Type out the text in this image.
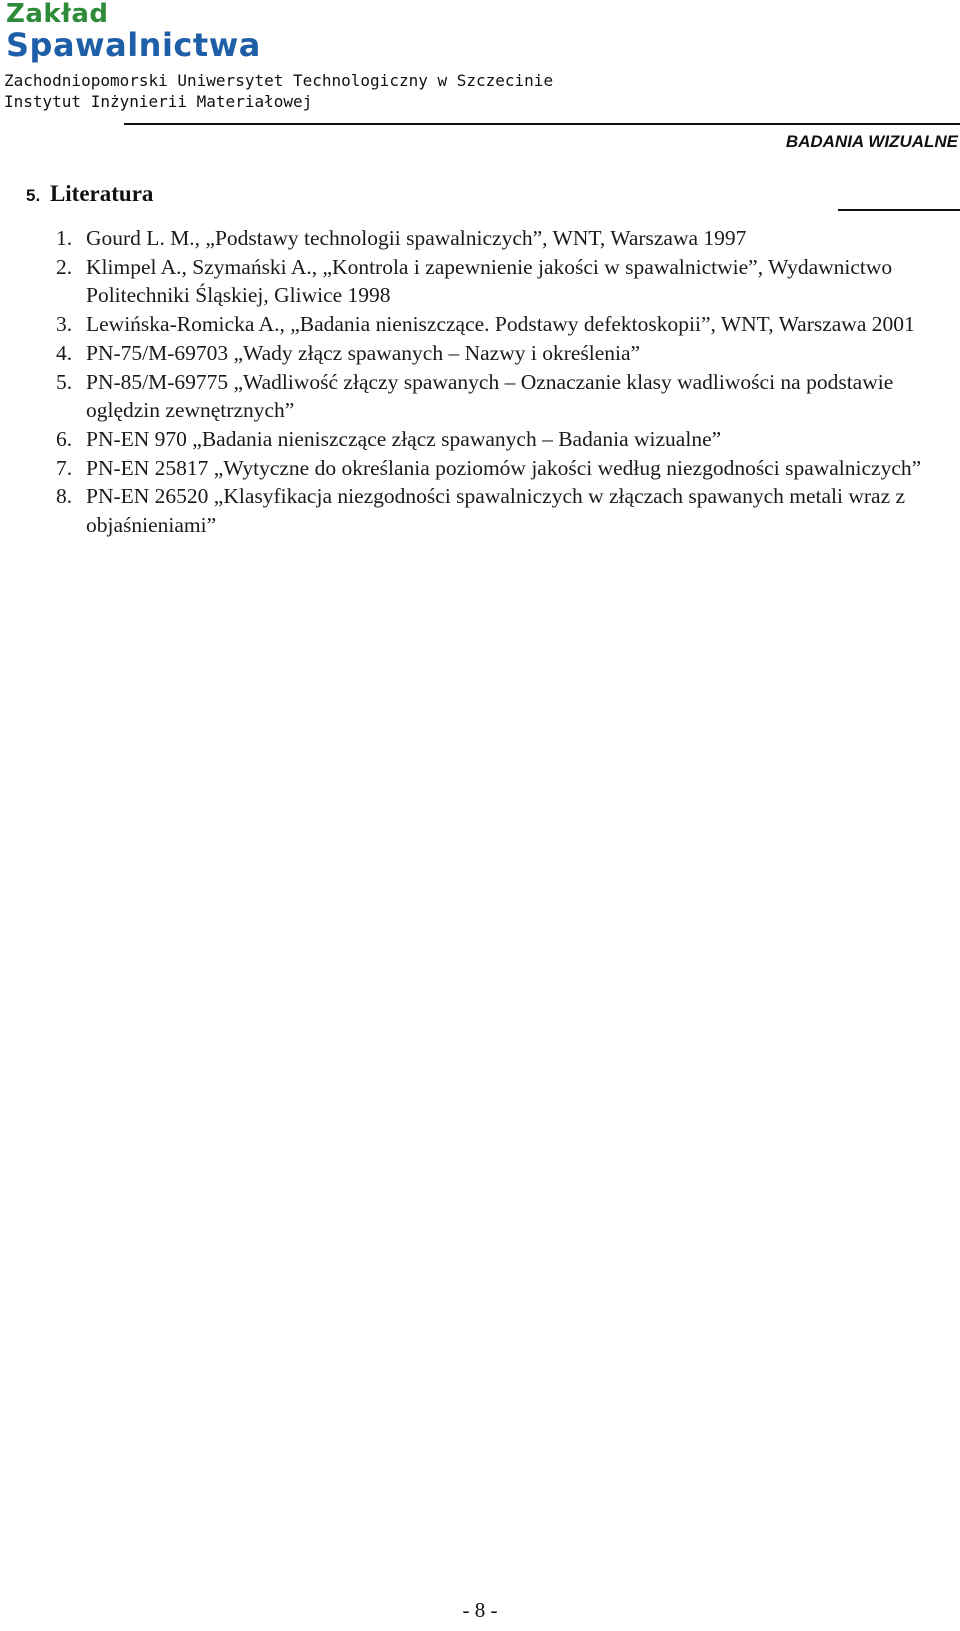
Zakład
Spawalnictwa
Zachodniopomorski Uniwersytet Technologiczny w Szczecinie
Instytut Inżynierii Materiałowej
BADANIA WIZUALNE
5. Literatura
1. Gourd L. M., „Podstawy technologii spawalniczych”, WNT, Warszawa 1997
2. Klimpel A., Szymański A., „Kontrola i zapewnienie jakości w spawalnictwie”, Wydawnictwo Politechniki Śląskiej, Gliwice 1998
3. Lewińska-Romicka A., „Badania nieniszczące. Podstawy defektoskopii”, WNT, Warszawa 2001
4. PN-75/M-69703 „Wady złącz spawanych – Nazwy i określenia”
5. PN-85/M-69775 „Wadliwość złączy spawanych – Oznaczanie klasy wadliwości na podstawie oględzin zewnętrznych”
6. PN-EN 970 „Badania nieniszczące złącz spawanych – Badania wizualne”
7. PN-EN 25817 „Wytyczne do określania poziomów jakości według niezgodności spawalniczych”
8. PN-EN 26520 „Klasyfikacja niezgodności spawalniczych w złączach spawanych metali wraz z objaśnieniami”
- 8 -
